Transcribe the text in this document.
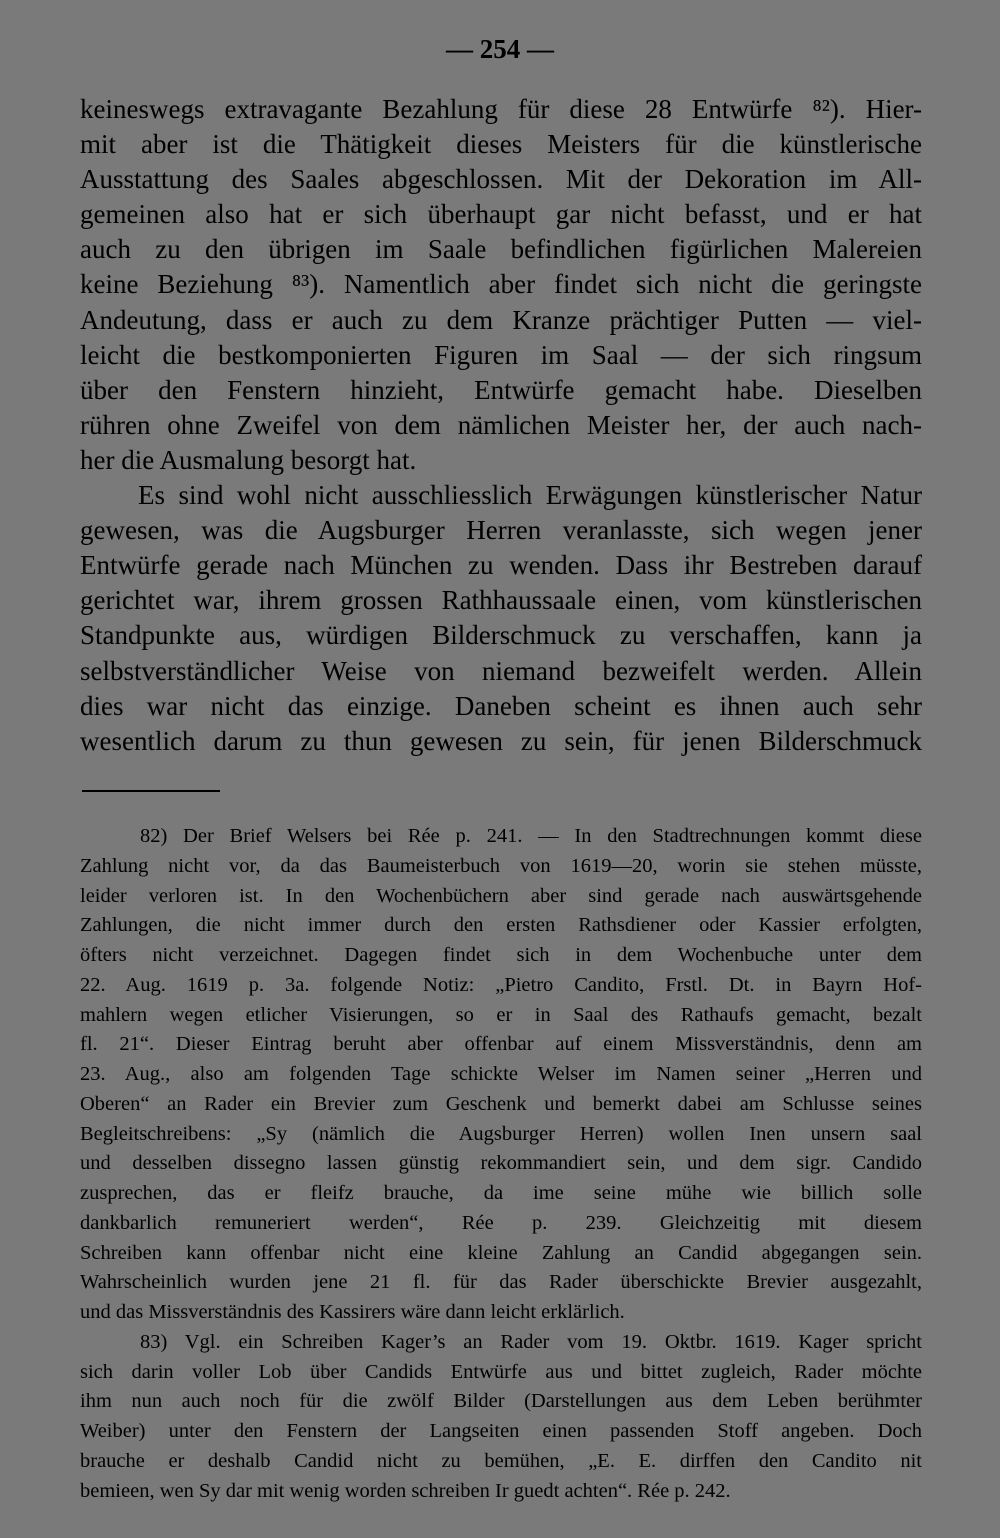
— 254 —
keineswegs extravagante Bezahlung für diese 28 Entwürfe ⁸²). Hier-
mit aber ist die Thätigkeit dieses Meisters für die künstlerische
Ausstattung des Saales abgeschlossen. Mit der Dekoration im All-
gemeinen also hat er sich überhaupt gar nicht befasst, und er hat
auch zu den übrigen im Saale befindlichen figürlichen Malereien
keine Beziehung ⁸³). Namentlich aber findet sich nicht die geringste
Andeutung, dass er auch zu dem Kranze prächtiger Putten — viel-
leicht die bestkomponierten Figuren im Saal — der sich ringsum
über den Fenstern hinzieht, Entwürfe gemacht habe. Dieselben
rühren ohne Zweifel von dem nämlichen Meister her, der auch nach-
her die Ausmalung besorgt hat.
Es sind wohl nicht ausschliesslich Erwägungen künstlerischer Natur
gewesen, was die Augsburger Herren veranlasste, sich wegen jener
Entwürfe gerade nach München zu wenden. Dass ihr Bestreben darauf
gerichtet war, ihrem grossen Rathhaussaale einen, vom künstlerischen
Standpunkte aus, würdigen Bilderschmuck zu verschaffen, kann ja
selbstverständlicher Weise von niemand bezweifelt werden. Allein
dies war nicht das einzige. Daneben scheint es ihnen auch sehr
wesentlich darum zu thun gewesen zu sein, für jenen Bilderschmuck
82) Der Brief Welsers bei Rée p. 241. — In den Stadtrechnungen kommt diese
Zahlung nicht vor, da das Baumeisterbuch von 1619—20, worin sie stehen müsste,
leider verloren ist. In den Wochenbüchern aber sind gerade nach auswärtsgehende
Zahlungen, die nicht immer durch den ersten Rathsdiener oder Kassier erfolgten,
öfters nicht verzeichnet. Dagegen findet sich in dem Wochenbuche unter dem
22. Aug. 1619 p. 3a. folgende Notiz: „Pietro Candito, Frstl. Dt. in Bayrn Hof-
mahlern wegen etlicher Visierungen, so er in Saal des Rathaufs gemacht, bezalt
fl. 21“. Dieser Eintrag beruht aber offenbar auf einem Missverständnis, denn am
23. Aug., also am folgenden Tage schickte Welser im Namen seiner „Herren und
Oberen“ an Rader ein Brevier zum Geschenk und bemerkt dabei am Schlusse seines
Begleitschreibens: „Sy (nämlich die Augsburger Herren) wollen Inen unsern saal
und desselben dissegno lassen günstig rekommandiert sein, und dem sigr. Candido
zusprechen, das er fleifz brauche, da ime seine mühe wie billich solle
dankbarlich remuneriert werden“, Rée p. 239. Gleichzeitig mit diesem
Schreiben kann offenbar nicht eine kleine Zahlung an Candid abgegangen sein.
Wahrscheinlich wurden jene 21 fl. für das Rader überschickte Brevier ausgezahlt,
und das Missverständnis des Kassirers wäre dann leicht erklärlich.
83) Vgl. ein Schreiben Kager’s an Rader vom 19. Oktbr. 1619. Kager spricht
sich darin voller Lob über Candids Entwürfe aus und bittet zugleich, Rader möchte
ihm nun auch noch für die zwölf Bilder (Darstellungen aus dem Leben berühmter
Weiber) unter den Fenstern der Langseiten einen passenden Stoff angeben. Doch
brauche er deshalb Candid nicht zu bemühen, „E. E. dirffen den Candito nit
bemieen, wen Sy dar mit wenig worden schreiben Ir guedt achten“. Rée p. 242.
